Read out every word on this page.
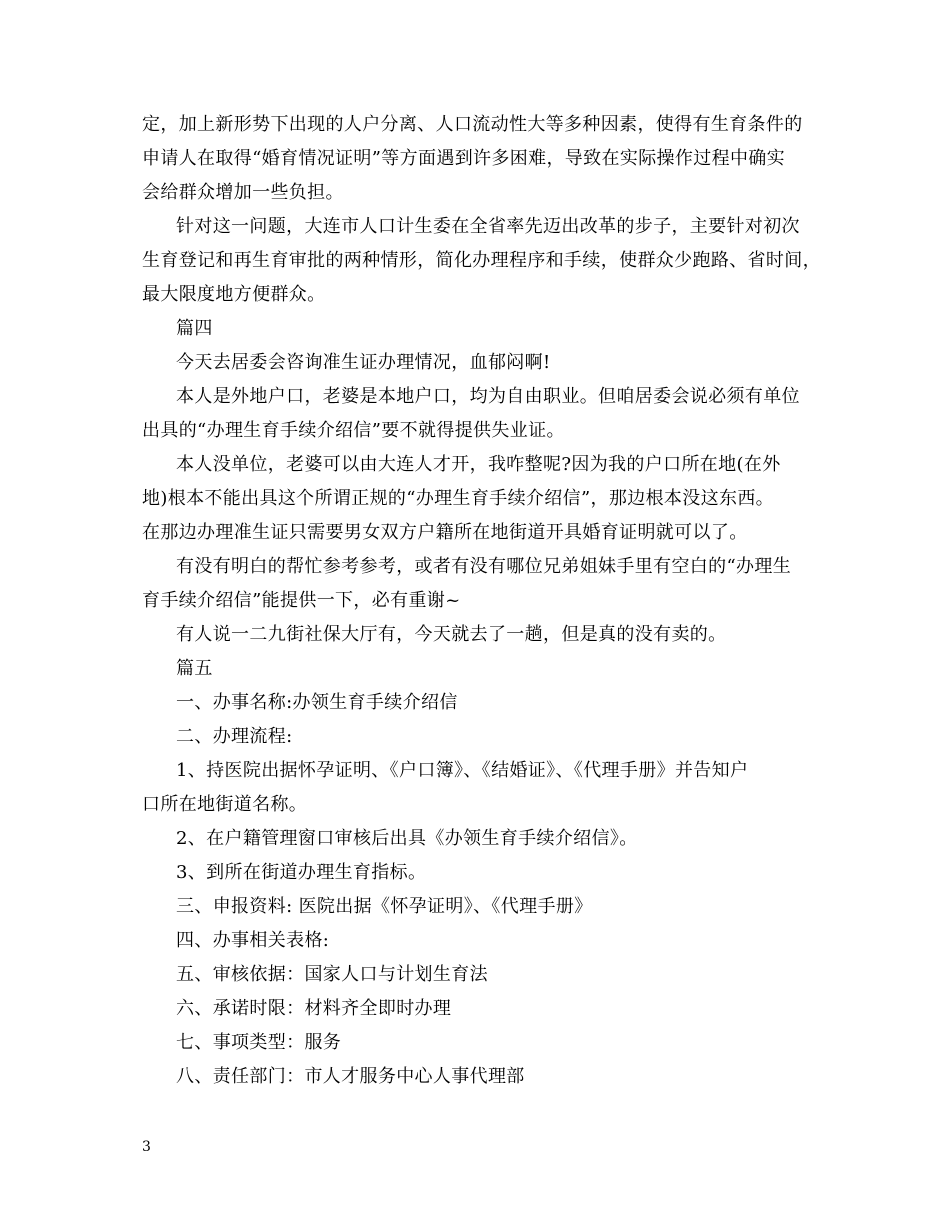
定，加上新形势下出现的人户分离、人口流动性大等多种因素，使得有生育条件的
申请人在取得“婚育情况证明”等方面遇到许多困难，导致在实际操作过程中确实
会给群众增加一些负担。
针对这一问题，大连市人口计生委在全省率先迈出改革的步子，主要针对初次
生育登记和再生育审批的两种情形，简化办理程序和手续，使群众少跑路、省时间，
最大限度地方便群众。
篇四
今天去居委会咨询准生证办理情况，血郁闷啊!
本人是外地户口，老婆是本地户口，均为自由职业。但咱居委会说必须有单位
出具的“办理生育手续介绍信”要不就得提供失业证。
本人没单位，老婆可以由大连人才开，我咋整呢?因为我的户口所在地(在外
地)根本不能出具这个所谓正规的“办理生育手续介绍信”，那边根本没这东西。
在那边办理准生证只需要男女双方户籍所在地街道开具婚育证明就可以了。
有没有明白的帮忙参考参考，或者有没有哪位兄弟姐妹手里有空白的“办理生
育手续介绍信”能提供一下，必有重谢~
有人说一二九街社保大厅有，今天就去了一趟，但是真的没有卖的。
篇五
一、办事名称:办领生育手续介绍信
二、办理流程:
1、持医院出据怀孕证明、《户口簿》、《结婚证》、《代理手册》并告知户
口所在地街道名称。
2、在户籍管理窗口审核后出具《办领生育手续介绍信》。
3、到所在街道办理生育指标。
三、申报资料: 医院出据《怀孕证明》、《代理手册》
四、办事相关表格:
五、审核依据：国家人口与计划生育法
六、承诺时限：材料齐全即时办理
七、事项类型：服务
八、责任部门：市人才服务中心人事代理部
3
